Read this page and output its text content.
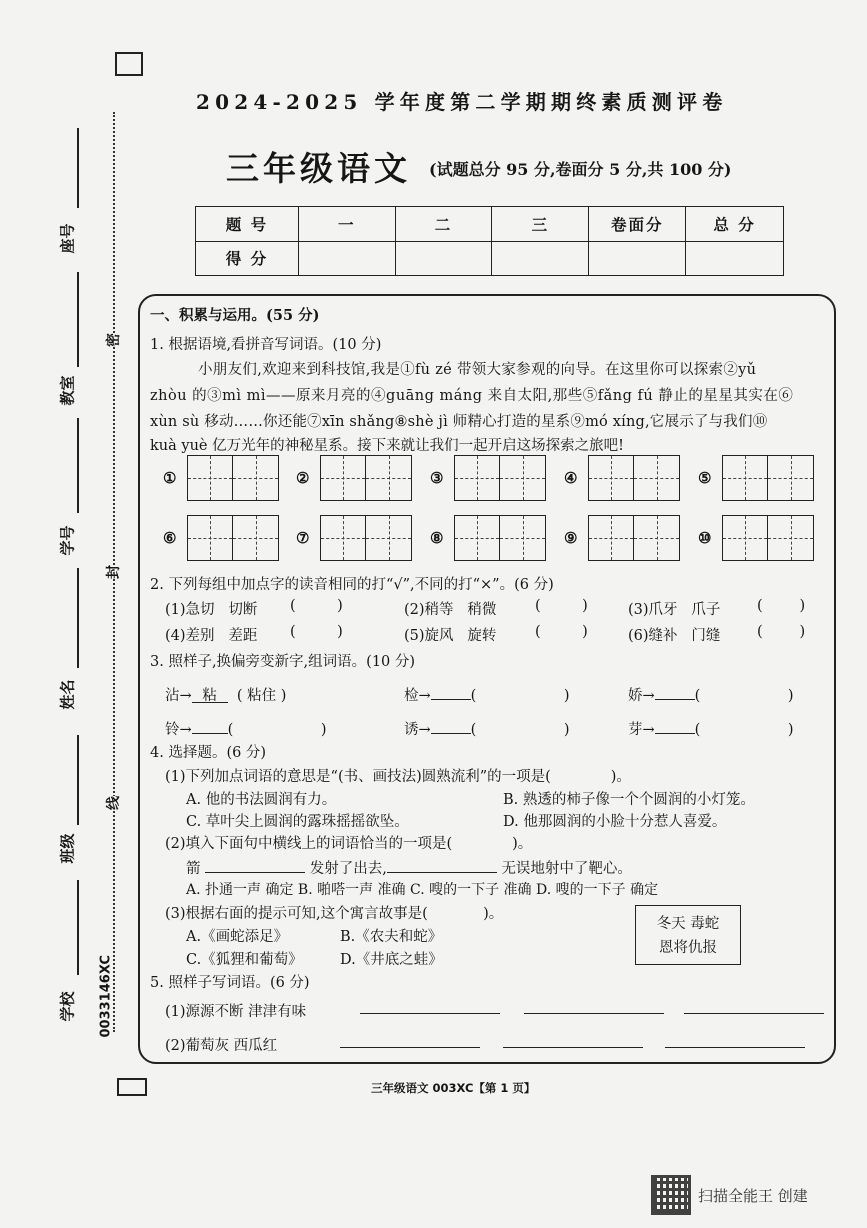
座号
教室
学号
姓名
班级
学校 0033146XC
密
封
线
2024-2025 学年度第二学期期终素质测评卷
三年级语文 (试题总分 95 分,卷面分 5 分,共 100 分)
题 号	一	二	三	卷面分	总 分
得 分					
一、积累与运用。(55 分)
1. 根据语境,看拼音写词语。(10 分)
小朋友们,欢迎来到科技馆,我是①fù zé 带领大家参观的向导。在这里你可以探索②yǔ
zhòu 的③mì mì——原来月亮的④guāng máng 来自太阳,那些⑤fǎng fú 静止的星星其实在⑥
xùn sù 移动……你还能⑦xīn shǎng⑧shè jì 师精心打造的星系⑨mó xíng,它展示了与我们⑩
kuà yuè 亿万光年的神秘星系。接下来就让我们一起开启这场探索之旅吧!
①	②	③	④	⑤
⑥	⑦	⑧	⑨	⑩
2. 下列每组中加点字的读音相同的打“√”,不同的打“×”。(6 分)
(1)急切 切断 (	)	(2)稍等 稍微	(	)	(3)爪牙 爪子	(	)
(4)差别 差距 (	)	(5)旋风 旋转	(	)	(6)缝补 门缝	(	)
3. 照样子,换偏旁变新字,组词语。(10 分)
沾→ 粘 ( 粘住 )	检→	(                   )	娇→	(                   )
铃→ (                   )	诱→	(                   )	芽→	(                   )
4. 选择题。(6 分)
(1)下列加点词语的意思是“(书、画技法)圆熟流利”的一项是(	)。
A. 他的书法圆润有力。	B. 熟透的柿子像一个个圆润的小灯笼。
C. 草叶尖上圆润的露珠摇摇欲坠。	D. 他那圆润的小脸十分惹人喜爱。
(2)填入下面句中横线上的词语恰当的一项是(	)。
箭	发射了出去,	无误地射中了靶心。
A. 扑通一声 确定 B. 啪嗒一声 准确 C. 嗖的一下子 准确 D. 嗖的一下子 确定
(3)根据右面的提示可知,这个寓言故事是(	)。
A.《画蛇添足》	B.《农夫和蛇》
C.《狐狸和葡萄》	D.《井底之蛙》
冬天 毒蛇
恩将仇报
5. 照样子写词语。(6 分)
(1)源源不断 津津有味
(2)葡萄灰 西瓜红
三年级语文 003XC【第 1 页】
扫描全能王 创建
